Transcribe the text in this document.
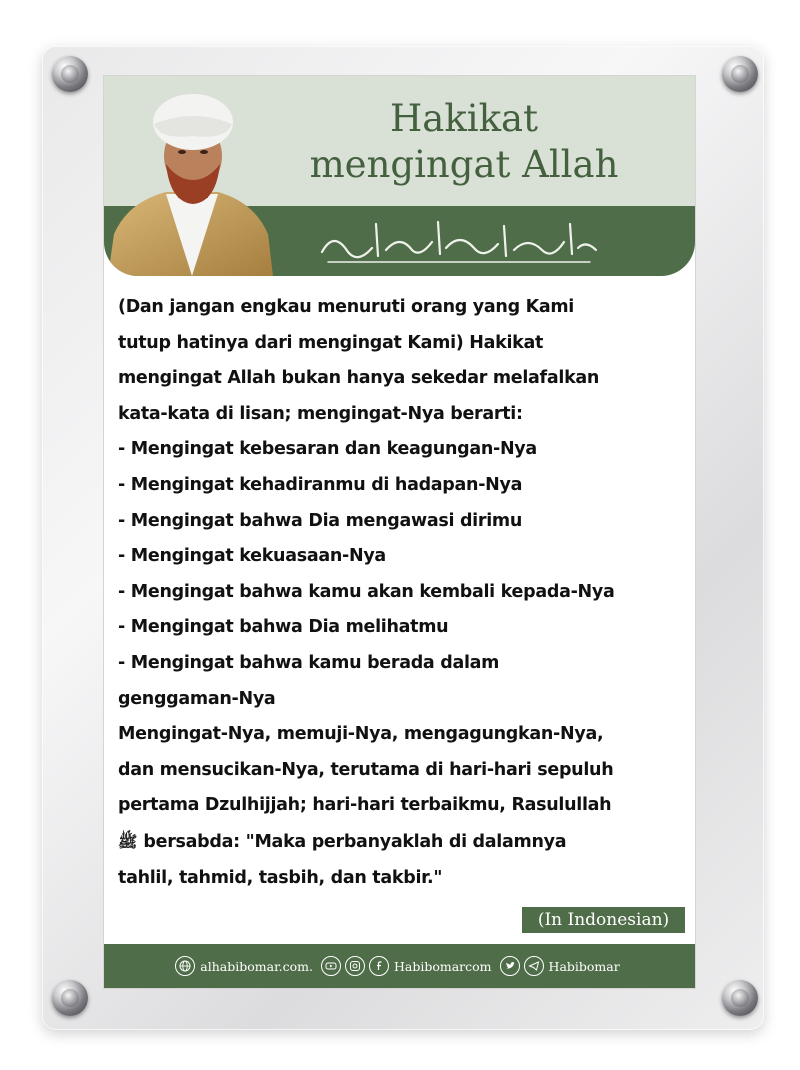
Hakikat
mengingat Allah
(Dan jangan engkau menuruti orang yang Kami
tutup hatinya dari mengingat Kami) Hakikat
mengingat Allah bukan hanya sekedar melafalkan
kata-kata di lisan; mengingat-Nya berarti:
- Mengingat kebesaran dan keagungan-Nya
- Mengingat kehadiranmu di hadapan-Nya
- Mengingat bahwa Dia mengawasi dirimu
- Mengingat kekuasaan-Nya
- Mengingat bahwa kamu akan kembali kepada-Nya
- Mengingat bahwa Dia melihatmu
- Mengingat bahwa kamu berada dalam
genggaman-Nya
Mengingat-Nya, memuji-Nya, mengagungkan-Nya,
dan mensucikan-Nya, terutama di hari-hari sepuluh
pertama Dzulhijjah; hari-hari terbaikmu, Rasulullah
ﷺ bersabda: "Maka perbanyaklah di dalamnya
tahlil, tahmid, tasbih, dan takbir."
(In Indonesian)
alhabibomar.com.	Habibomarcom	Habibomar
